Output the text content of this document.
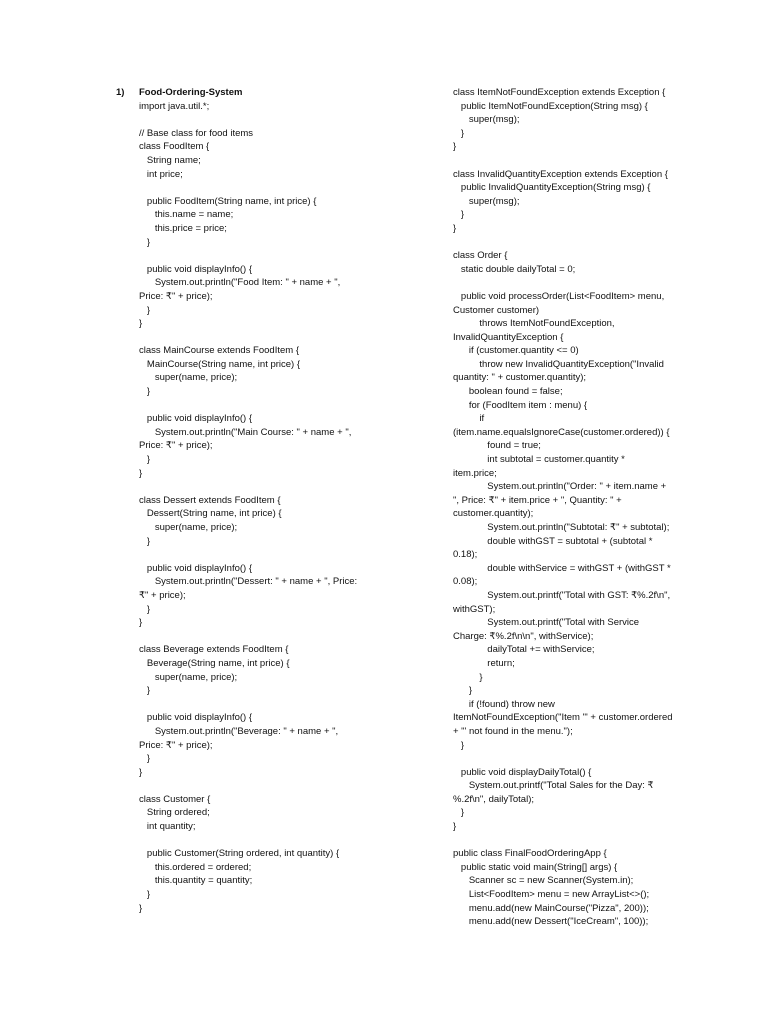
1) Food-Ordering-System
import java.util.*;
// Base class for food items
class FoodItem {
String name;
int price;
public FoodItem(String name, int price) {
this.name = name;
this.price = price;
}
public void displayInfo() {
System.out.println("Food Item: " + name + ",
Price: ₹" + price);
}
}
class MainCourse extends FoodItem {
MainCourse(String name, int price) {
super(name, price);
}
public void displayInfo() {
System.out.println("Main Course: " + name + ",
Price: ₹" + price);
}
}
class Dessert extends FoodItem {
Dessert(String name, int price) {
super(name, price);
}
public void displayInfo() {
System.out.println("Dessert: " + name + ", Price:
₹" + price);
}
}
class Beverage extends FoodItem {
Beverage(String name, int price) {
super(name, price);
}
public void displayInfo() {
System.out.println("Beverage: " + name + ",
Price: ₹" + price);
}
}
class Customer {
String ordered;
int quantity;
public Customer(String ordered, int quantity) {
this.ordered = ordered;
this.quantity = quantity;
}
}
class ItemNotFoundException extends Exception {
public ItemNotFoundException(String msg) {
super(msg);
}
}
class InvalidQuantityException extends Exception {
public InvalidQuantityException(String msg) {
super(msg);
}
}
class Order {
static double dailyTotal = 0;
public void processOrder(List<FoodItem> menu,
Customer customer)
throws ItemNotFoundException,
InvalidQuantityException {
if (customer.quantity <= 0)
throw new InvalidQuantityException("Invalid
quantity: " + customer.quantity);
boolean found = false;
for (FoodItem item : menu) {
if
(item.name.equalsIgnoreCase(customer.ordered)) {
found = true;
int subtotal = customer.quantity *
item.price;
System.out.println("Order: " + item.name +
", Price: ₹" + item.price + ", Quantity: " +
customer.quantity);
System.out.println("Subtotal: ₹" + subtotal);
double withGST = subtotal + (subtotal *
0.18);
double withService = withGST + (withGST *
0.08);
System.out.printf("Total with GST: ₹%.2f\n",
withGST);
System.out.printf("Total with Service
Charge: ₹%.2f\n\n", withService);
dailyTotal += withService;
return;
}
}
if (!found) throw new
ItemNotFoundException("Item '" + customer.ordered
+ "' not found in the menu.");
}
public void displayDailyTotal() {
System.out.printf("Total Sales for the Day: ₹
%.2f\n", dailyTotal);
}
}
public class FinalFoodOrderingApp {
public static void main(String[] args) {
Scanner sc = new Scanner(System.in);
List<FoodItem> menu = new ArrayList<>();
menu.add(new MainCourse("Pizza", 200));
menu.add(new Dessert("IceCream", 100));
